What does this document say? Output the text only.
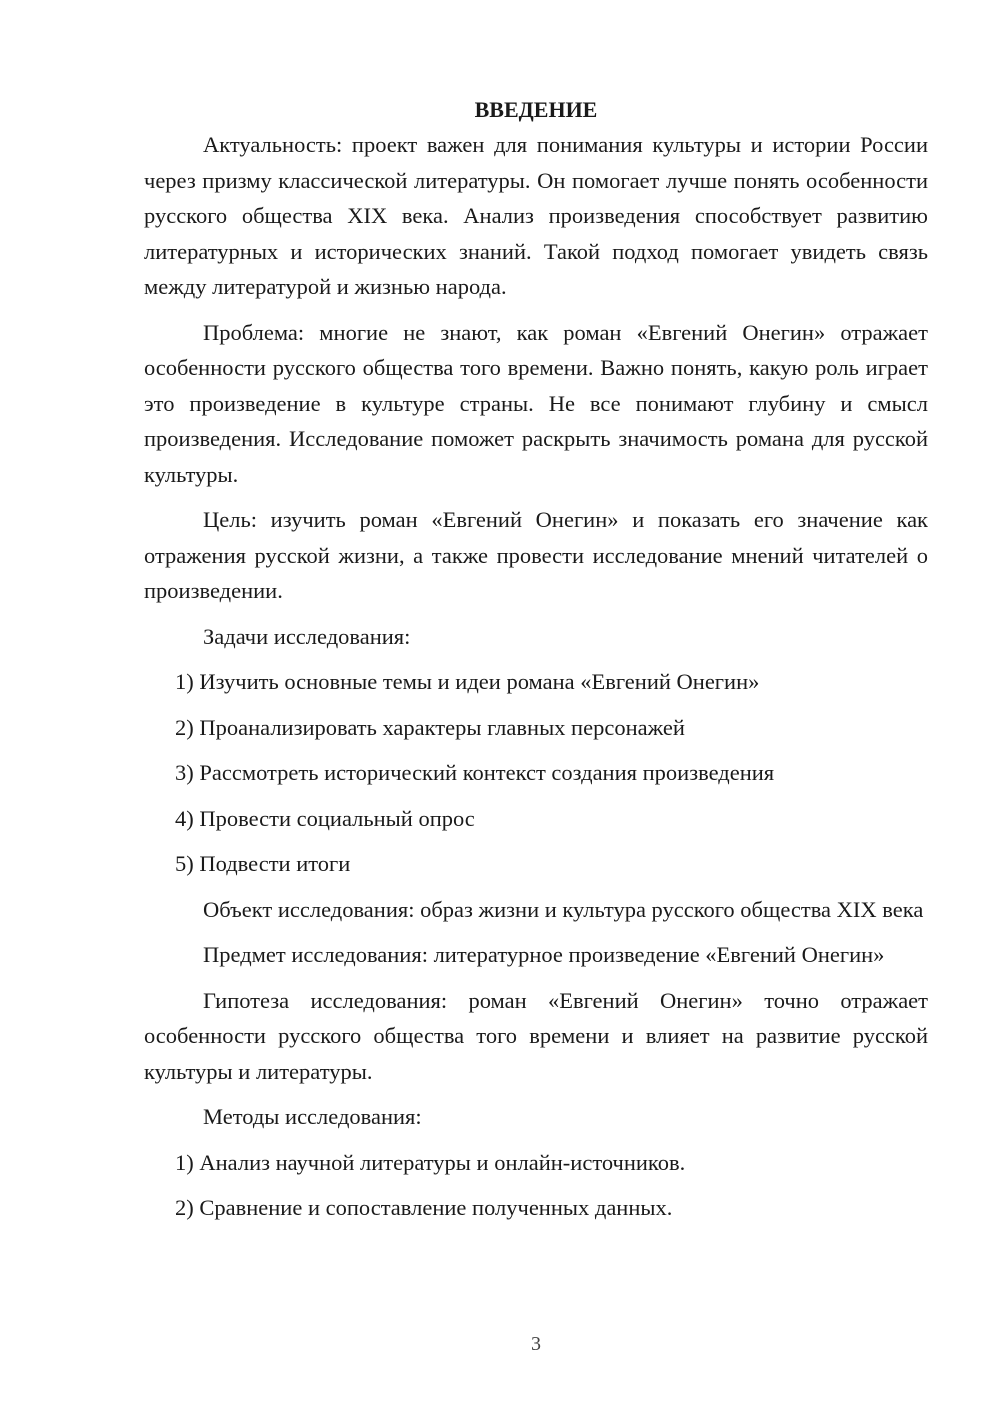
ВВЕДЕНИЕ

Актуальность: проект важен для понимания культуры и истории России через призму классической литературы. Он помогает лучше понять особенности русского общества XIX века. Анализ произведения способствует развитию литературных и исторических знаний. Такой подход помогает увидеть связь между литературой и жизнью народа.

Проблема: многие не знают, как роман «Евгений Онегин» отражает особенности русского общества того времени. Важно понять, какую роль играет это произведение в культуре страны. Не все понимают глубину и смысл произведения. Исследование поможет раскрыть значимость романа для русской культуры.

Цель: изучить роман «Евгений Онегин» и показать его значение как отражения русской жизни, а также провести исследование мнений читателей о произведении.

Задачи исследования:

1) Изучить основные темы и идеи романа «Евгений Онегин»

2) Проанализировать характеры главных персонажей

3) Рассмотреть исторический контекст создания произведения

4) Провести социальный опрос

5) Подвести итоги

Объект исследования: образ жизни и культура русского общества XIX века

Предмет исследования: литературное произведение «Евгений Онегин»

Гипотеза исследования: роман «Евгений Онегин» точно отражает особенности русского общества того времени и влияет на развитие русской культуры и литературы.

Методы исследования:

1) Анализ научной литературы и онлайн-источников.

2) Сравнение и сопоставление полученных данных.

3
